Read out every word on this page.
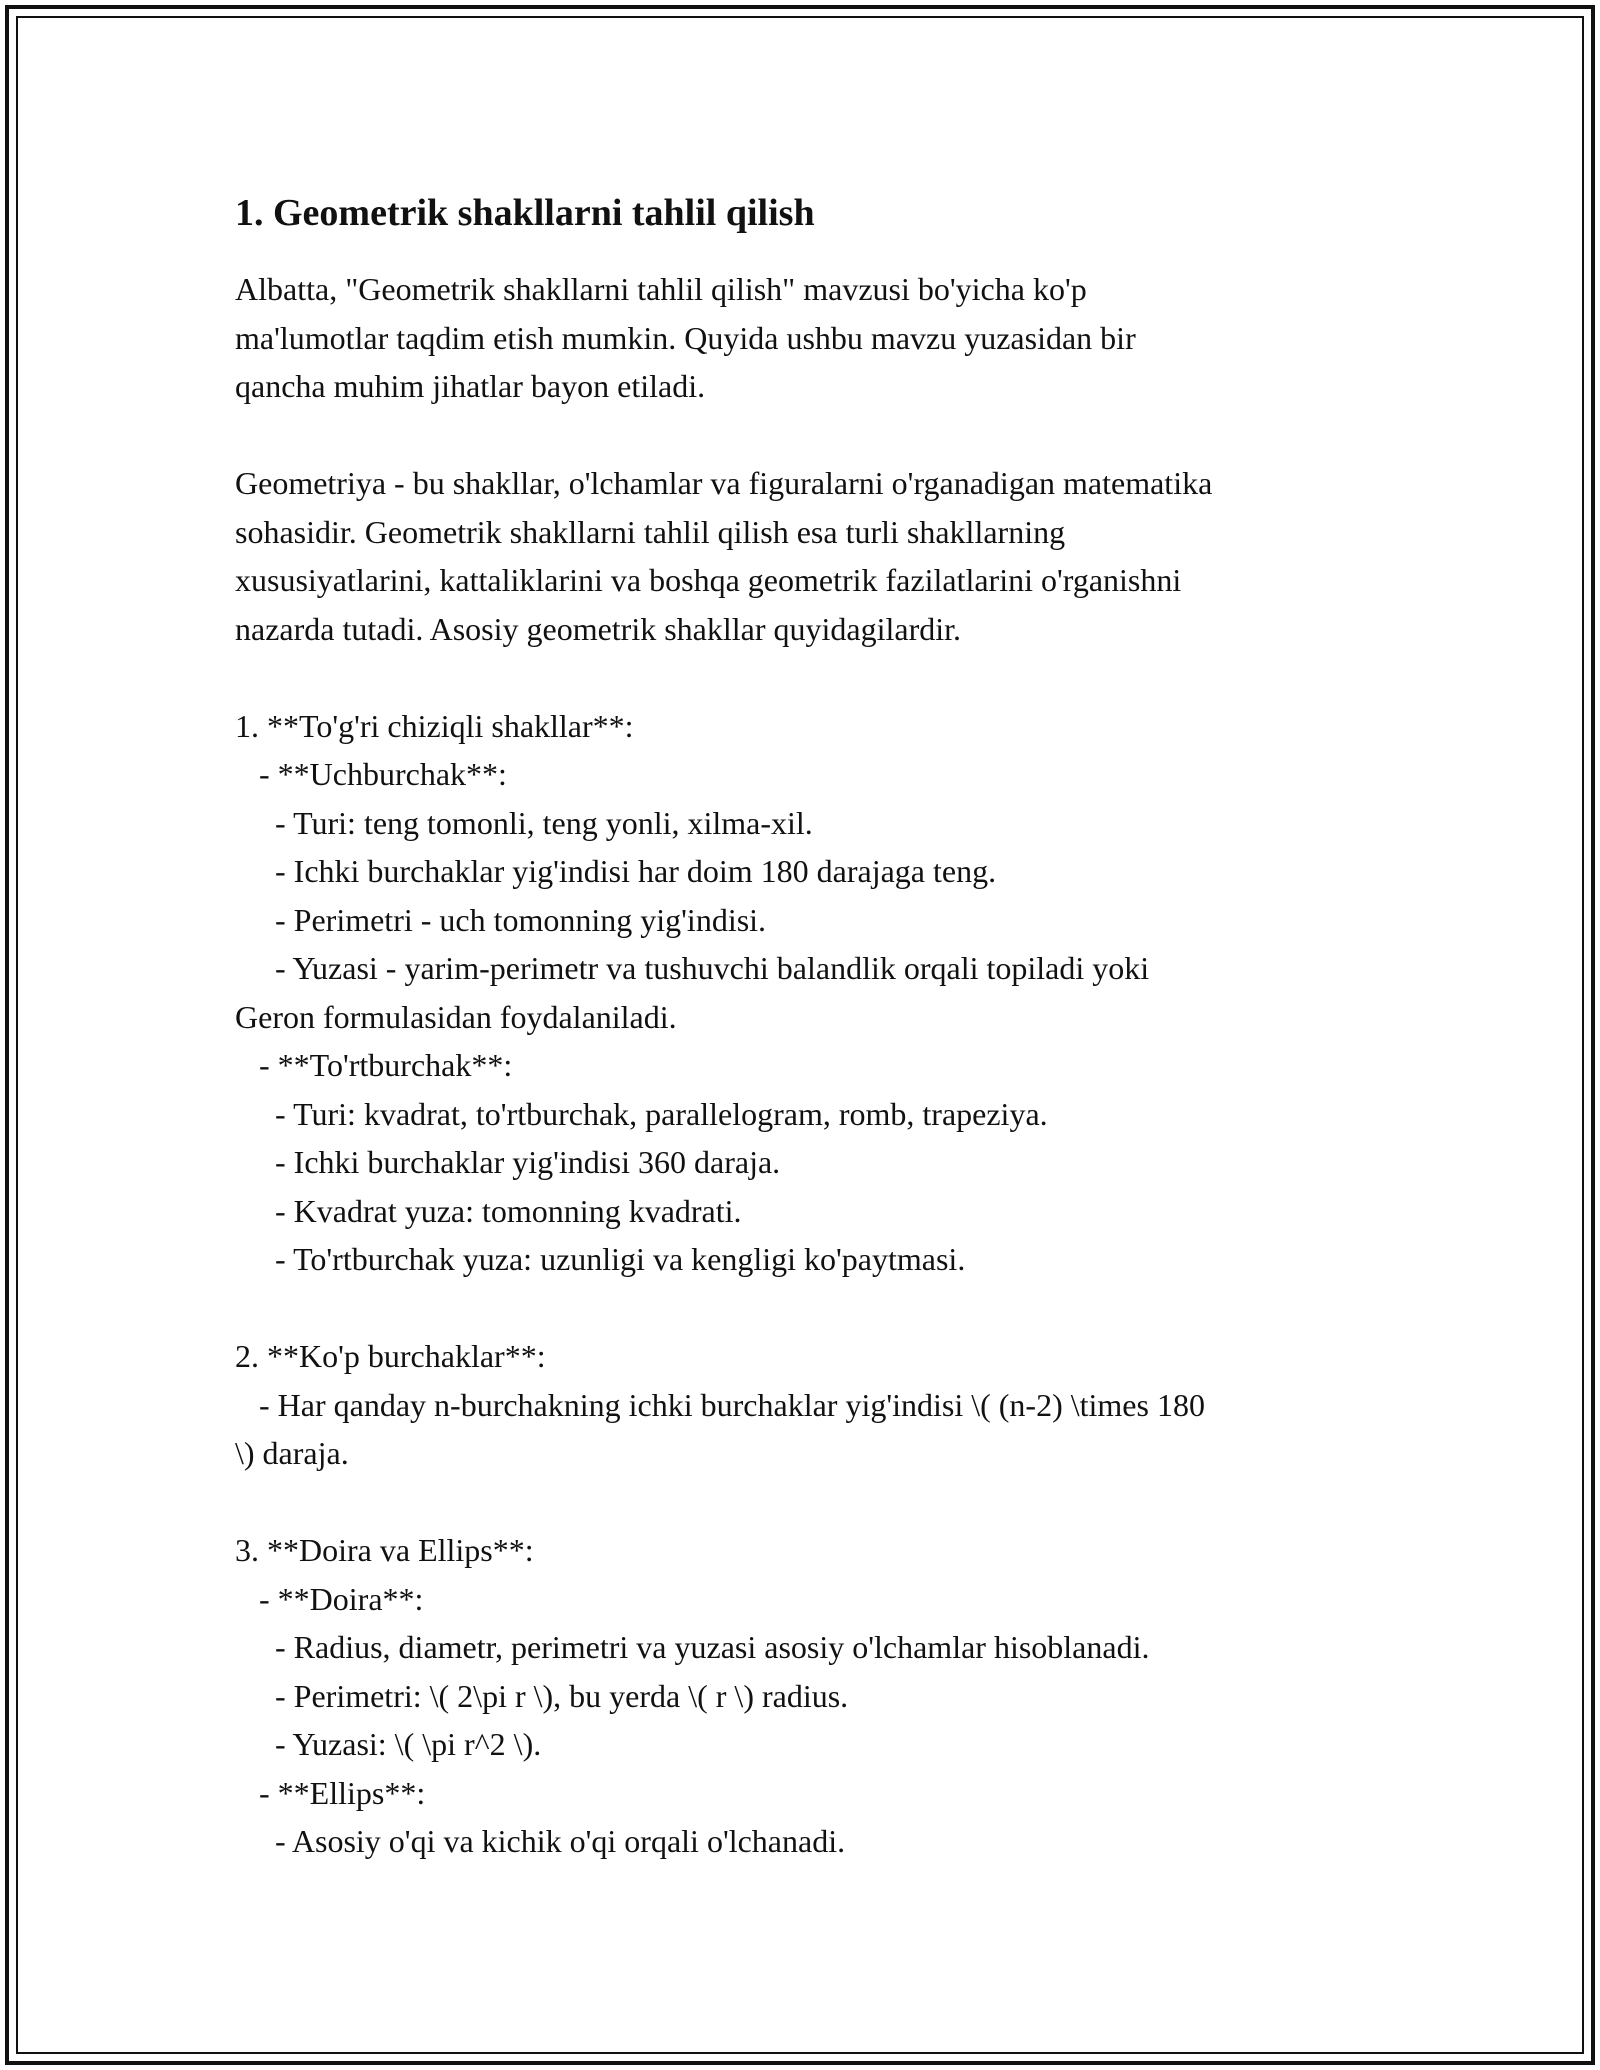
1. Geometrik shakllarni tahlil qilish

Albatta, "Geometrik shakllarni tahlil qilish" mavzusi bo'yicha ko'p
ma'lumotlar taqdim etish mumkin. Quyida ushbu mavzu yuzasidan bir
qancha muhim jihatlar bayon etiladi.

Geometriya - bu shakllar, o'lchamlar va figuralarni o'rganadigan matematika
sohasidir. Geometrik shakllarni tahlil qilish esa turli shakllarning
xususiyatlarini, kattaliklarini va boshqa geometrik fazilatlarini o'rganishni
nazarda tutadi. Asosiy geometrik shakllar quyidagilardir.

1. **To'g'ri chiziqli shakllar**:
- **Uchburchak**:
- Turi: teng tomonli, teng yonli, xilma-xil.
- Ichki burchaklar yig'indisi har doim 180 darajaga teng.
- Perimetri - uch tomonning yig'indisi.
- Yuzasi - yarim-perimetr va tushuvchi balandlik orqali topiladi yoki
Geron formulasidan foydalaniladi.
- **To'rtburchak**:
- Turi: kvadrat, to'rtburchak, parallelogram, romb, trapeziya.
- Ichki burchaklar yig'indisi 360 daraja.
- Kvadrat yuza: tomonning kvadrati.
- To'rtburchak yuza: uzunligi va kengligi ko'paytmasi.

2. **Ko'p burchaklar**:
- Har qanday n-burchakning ichki burchaklar yig'indisi \( (n-2) \times 180
\) daraja.

3. **Doira va Ellips**:
- **Doira**:
- Radius, diametr, perimetri va yuzasi asosiy o'lchamlar hisoblanadi.
- Perimetri: \( 2\pi r \), bu yerda \( r \) radius.
- Yuzasi: \( \pi r^2 \).
- **Ellips**:
- Asosiy o'qi va kichik o'qi orqali o'lchanadi.
